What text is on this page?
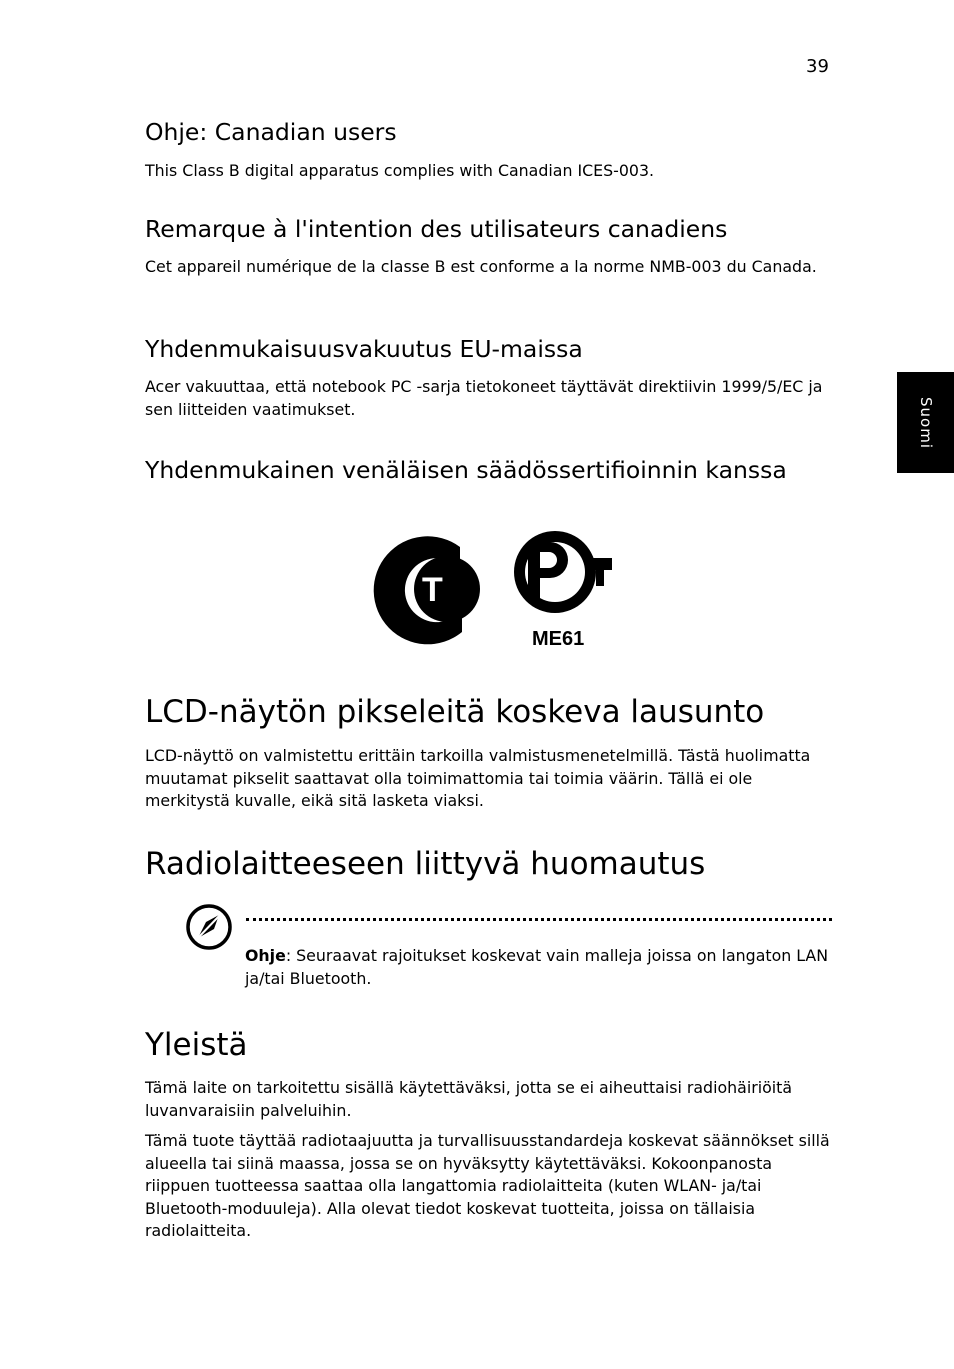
39
Suomi
Ohje: Canadian users

This Class B digital apparatus complies with Canadian ICES-003.

Remarque à l'intention des utilisateurs canadiens

Cet appareil numérique de la classe B est conforme a la norme NMB-003 du Canada.

Yhdenmukaisuusvakuutus EU-maissa

Acer vakuuttaa, että notebook PC -sarja tietokoneet täyttävät direktiivin 1999/5/EC ja sen liitteiden vaatimukset.

Yhdenmukainen venäläisen säädössertifioinnin kanssa
T P
ME61
LCD-näytön pikseleitä koskeva lausunto

LCD-näyttö on valmistettu erittäin tarkoilla valmistusmenetelmillä. Tästä huolimatta muutamat pikselit saattavat olla toimimattomia tai toimia väärin. Tällä ei ole merkitystä kuvalle, eikä sitä lasketa viaksi.

Radiolaitteeseen liittyvä huomautus

Ohje: Seuraavat rajoitukset koskevat vain malleja joissa on langaton LAN ja/tai Bluetooth.

Yleistä

Tämä laite on tarkoitettu sisällä käytettäväksi, jotta se ei aiheuttaisi radiohäiriöitä luvanvaraisiin palveluihin.

Tämä tuote täyttää radiotaajuutta ja turvallisuusstandardeja koskevat säännökset sillä alueella tai siinä maassa, jossa se on hyväksytty käytettäväksi. Kokoonpanosta riippuen tuotteessa saattaa olla langattomia radiolaitteita (kuten WLAN- ja/tai Bluetooth-moduuleja). Alla olevat tiedot koskevat tuotteita, joissa on tällaisia radiolaitteita.
